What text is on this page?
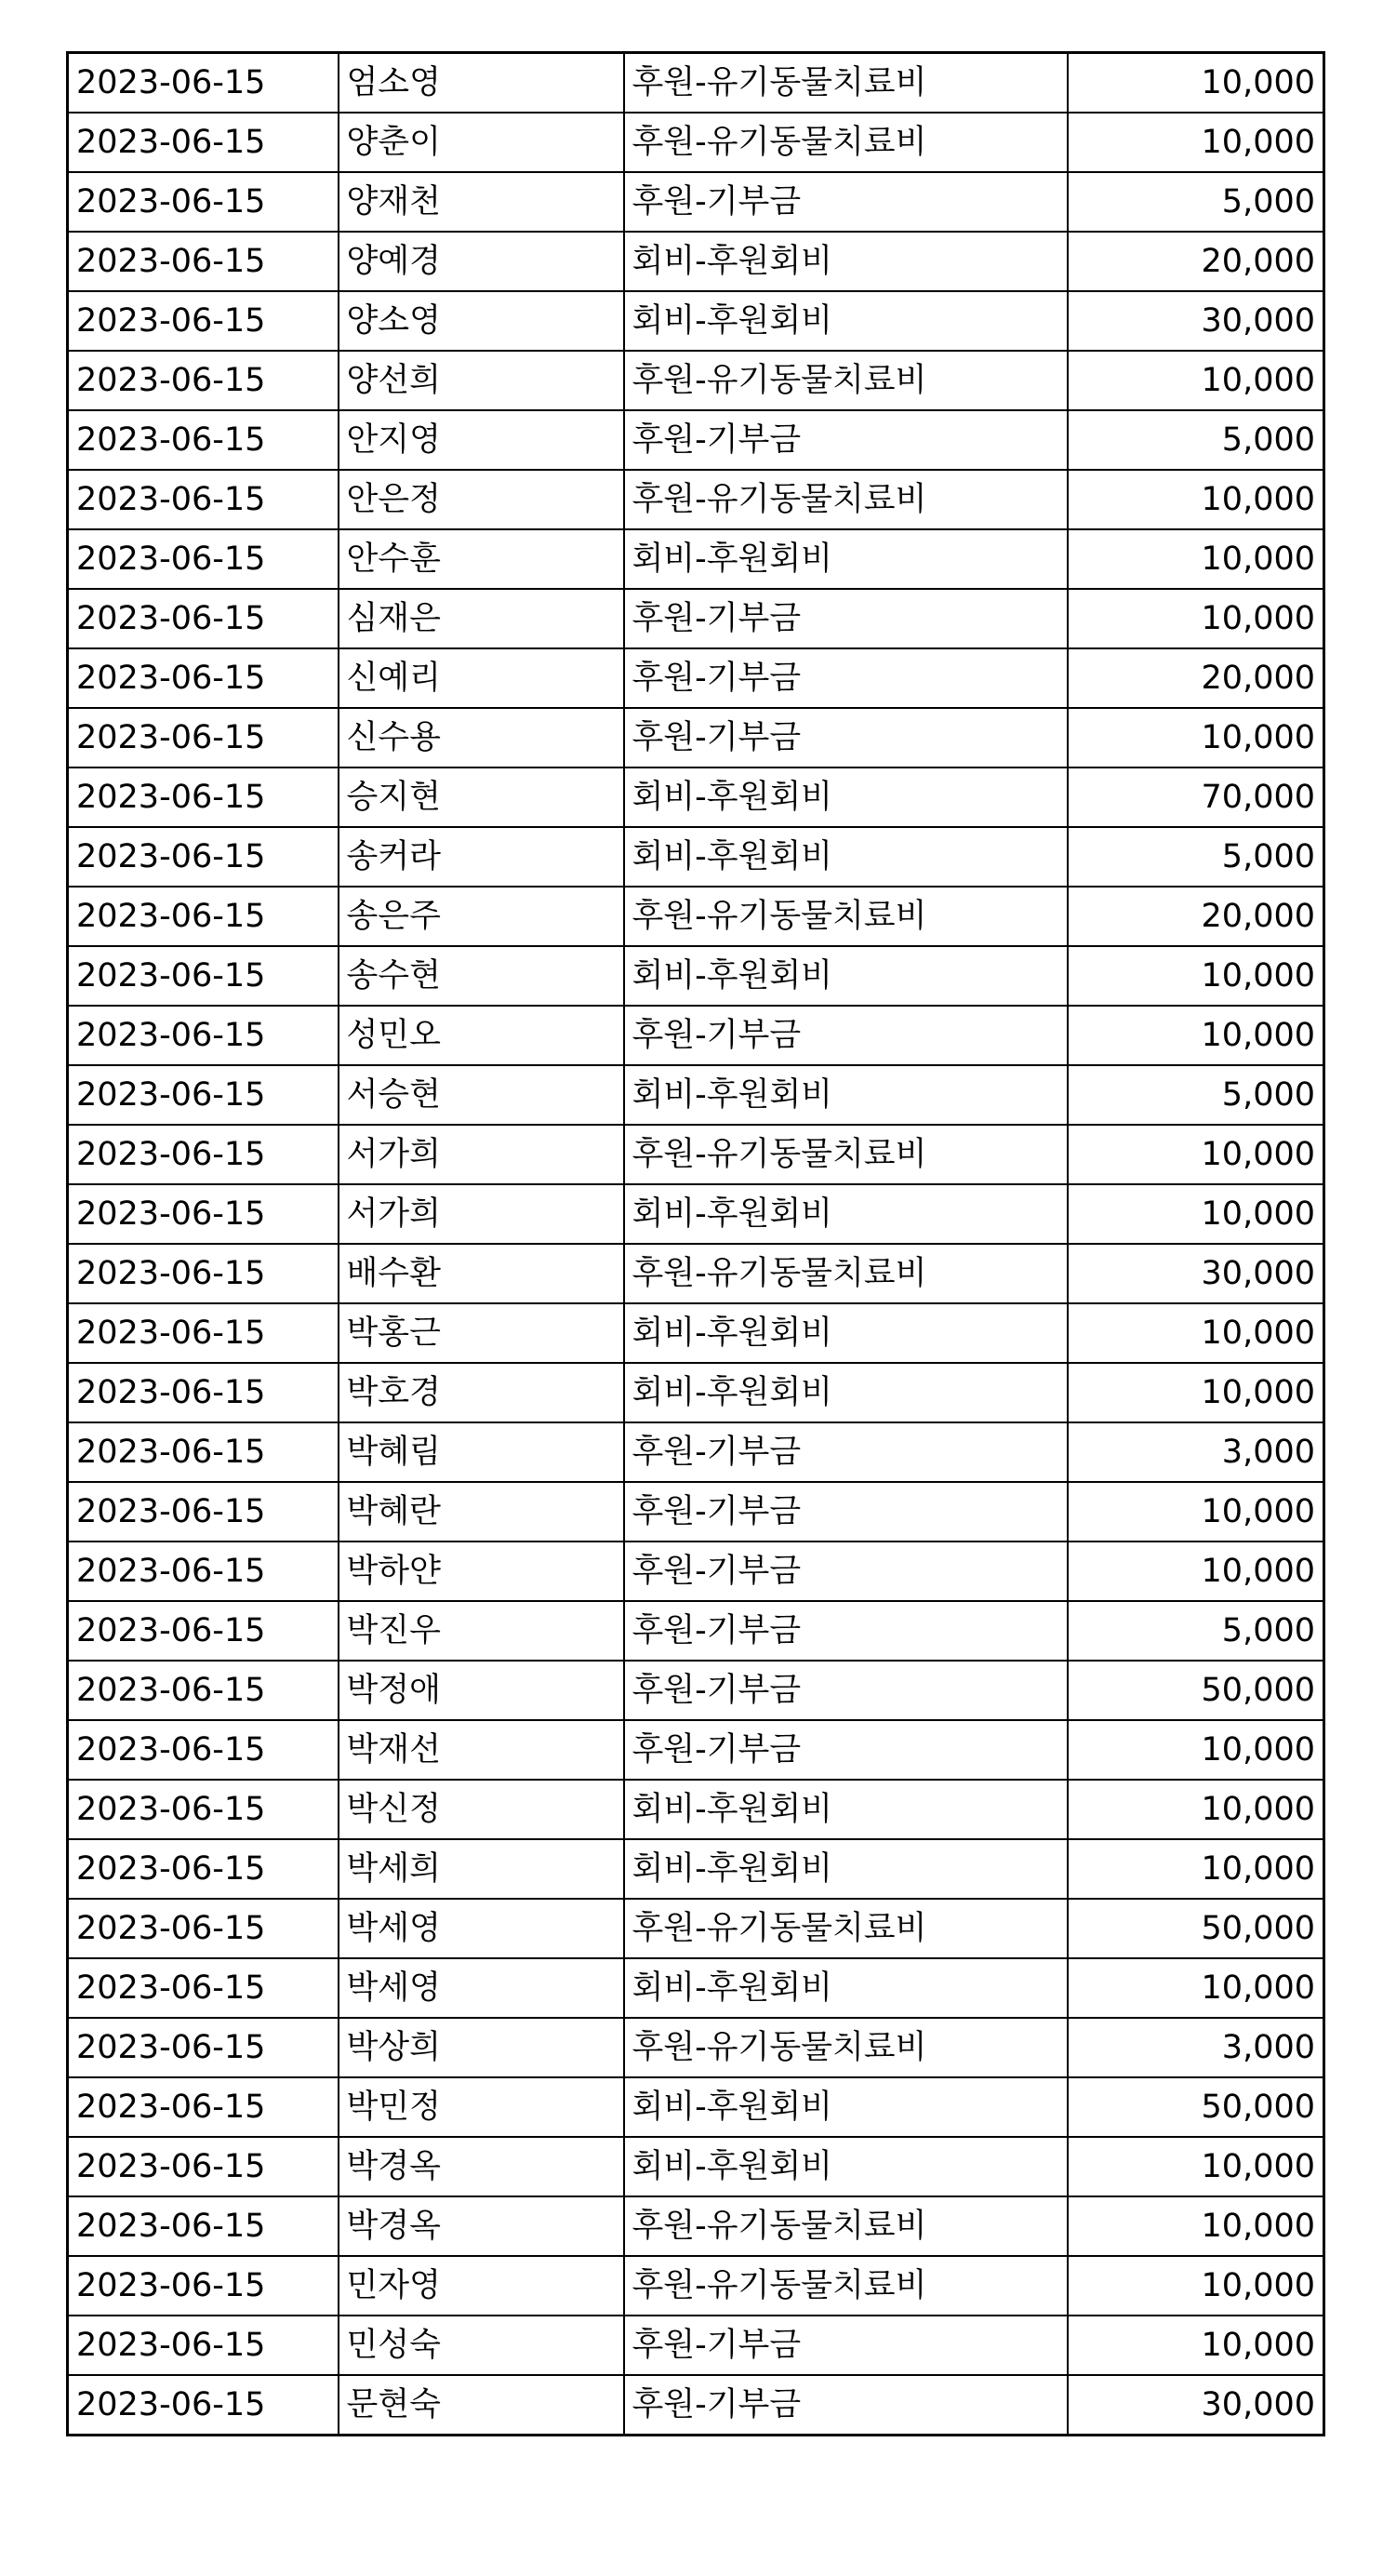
2023-06-15	엄소영	후원-유기동물치료비	10,000
2023-06-15	양춘이	후원-유기동물치료비	10,000
2023-06-15	양재천	후원-기부금	5,000
2023-06-15	양예경	회비-후원회비	20,000
2023-06-15	양소영	회비-후원회비	30,000
2023-06-15	양선희	후원-유기동물치료비	10,000
2023-06-15	안지영	후원-기부금	5,000
2023-06-15	안은정	후원-유기동물치료비	10,000
2023-06-15	안수훈	회비-후원회비	10,000
2023-06-15	심재은	후원-기부금	10,000
2023-06-15	신예리	후원-기부금	20,000
2023-06-15	신수용	후원-기부금	10,000
2023-06-15	승지현	회비-후원회비	70,000
2023-06-15	송커라	회비-후원회비	5,000
2023-06-15	송은주	후원-유기동물치료비	20,000
2023-06-15	송수현	회비-후원회비	10,000
2023-06-15	성민오	후원-기부금	10,000
2023-06-15	서승현	회비-후원회비	5,000
2023-06-15	서가희	후원-유기동물치료비	10,000
2023-06-15	서가희	회비-후원회비	10,000
2023-06-15	배수환	후원-유기동물치료비	30,000
2023-06-15	박홍근	회비-후원회비	10,000
2023-06-15	박호경	회비-후원회비	10,000
2023-06-15	박혜림	후원-기부금	3,000
2023-06-15	박혜란	후원-기부금	10,000
2023-06-15	박하얀	후원-기부금	10,000
2023-06-15	박진우	후원-기부금	5,000
2023-06-15	박정애	후원-기부금	50,000
2023-06-15	박재선	후원-기부금	10,000
2023-06-15	박신정	회비-후원회비	10,000
2023-06-15	박세희	회비-후원회비	10,000
2023-06-15	박세영	후원-유기동물치료비	50,000
2023-06-15	박세영	회비-후원회비	10,000
2023-06-15	박상희	후원-유기동물치료비	3,000
2023-06-15	박민정	회비-후원회비	50,000
2023-06-15	박경옥	회비-후원회비	10,000
2023-06-15	박경옥	후원-유기동물치료비	10,000
2023-06-15	민자영	후원-유기동물치료비	10,000
2023-06-15	민성숙	후원-기부금	10,000
2023-06-15	문현숙	후원-기부금	30,000
